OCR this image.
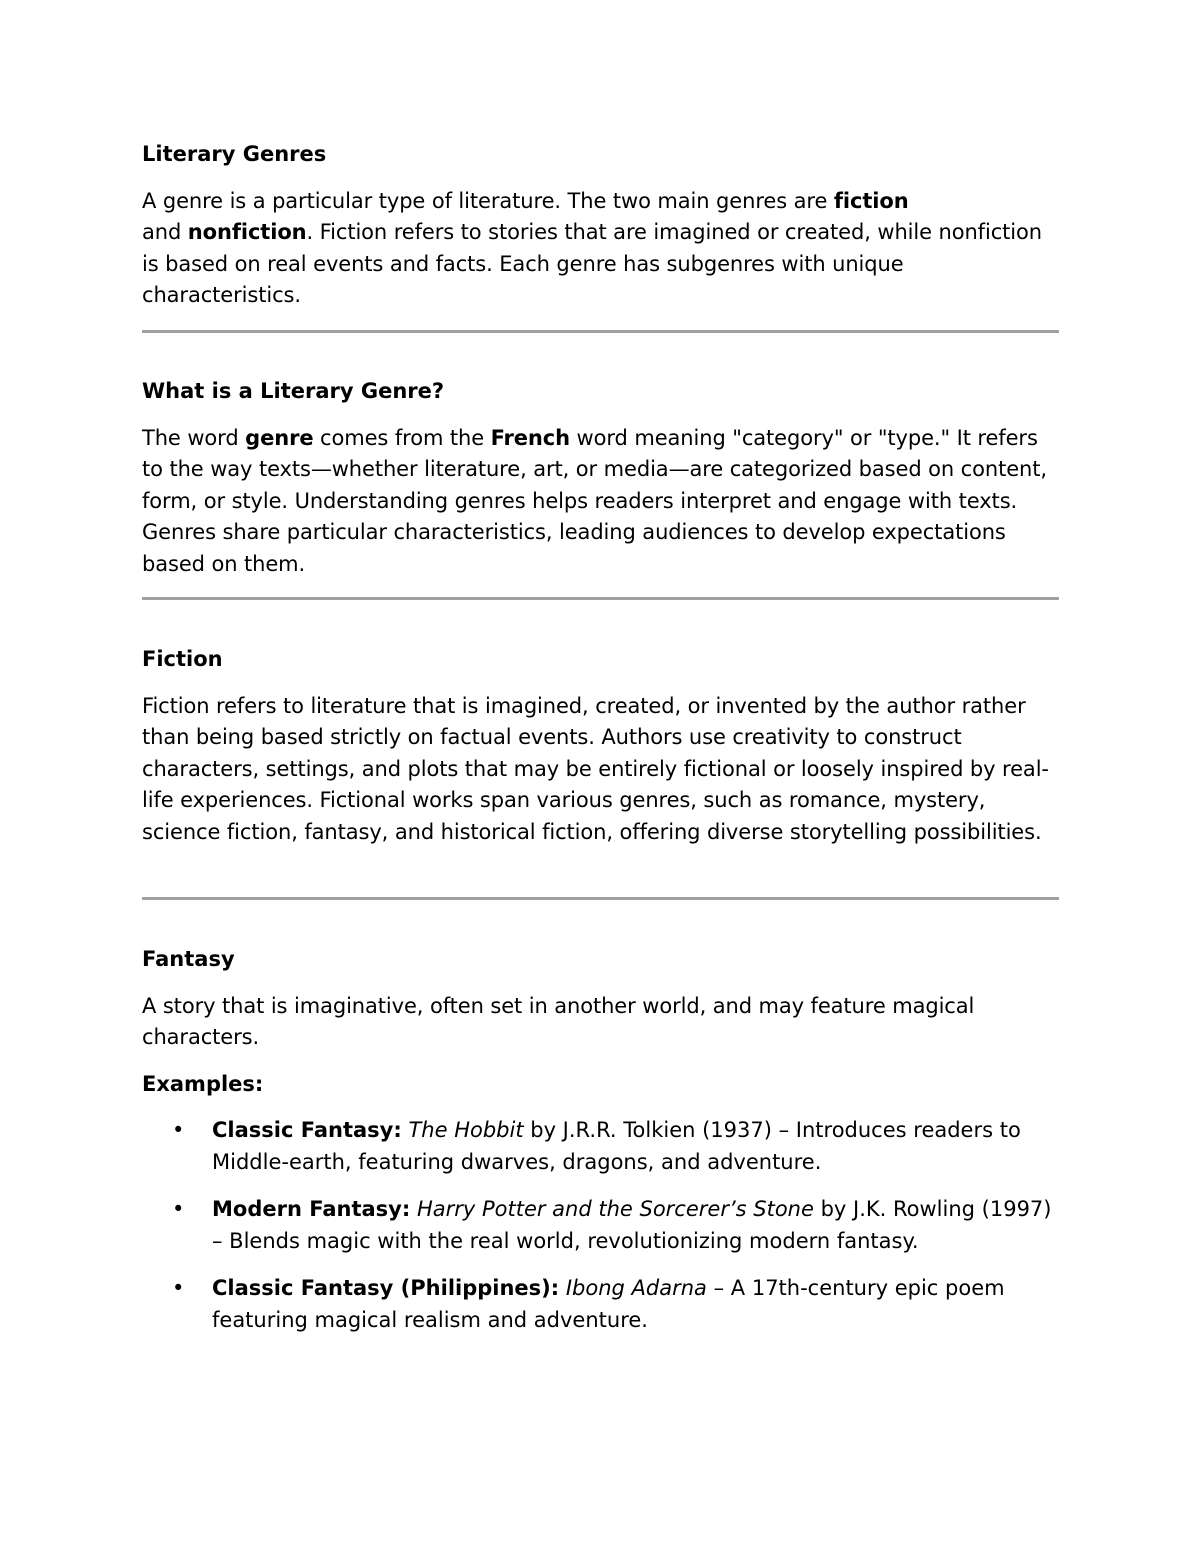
Literary Genres

A genre is a particular type of literature. The two main genres are fiction
and nonfiction. Fiction refers to stories that are imagined or created, while nonfiction is based on real events and facts. Each genre has subgenres with unique characteristics.

What is a Literary Genre?

The word genre comes from the French word meaning "category" or "type." It refers to the way texts—whether literature, art, or media—are categorized based on content, form, or style. Understanding genres helps readers interpret and engage with texts. Genres share particular characteristics, leading audiences to develop expectations based on them.

Fiction

Fiction refers to literature that is imagined, created, or invented by the author rather than being based strictly on factual events. Authors use creativity to construct characters, settings, and plots that may be entirely fictional or loosely inspired by real-life experiences. Fictional works span various genres, such as romance, mystery, science fiction, fantasy, and historical fiction, offering diverse storytelling possibilities.

Fantasy

A story that is imaginative, often set in another world, and may feature magical characters.

Examples:

• Classic Fantasy: The Hobbit by J.R.R. Tolkien (1937) – Introduces readers to Middle-earth, featuring dwarves, dragons, and adventure.
• Modern Fantasy: Harry Potter and the Sorcerer’s Stone by J.K. Rowling (1997) – Blends magic with the real world, revolutionizing modern fantasy.
• Classic Fantasy (Philippines): Ibong Adarna – A 17th-century epic poem featuring magical realism and adventure.
